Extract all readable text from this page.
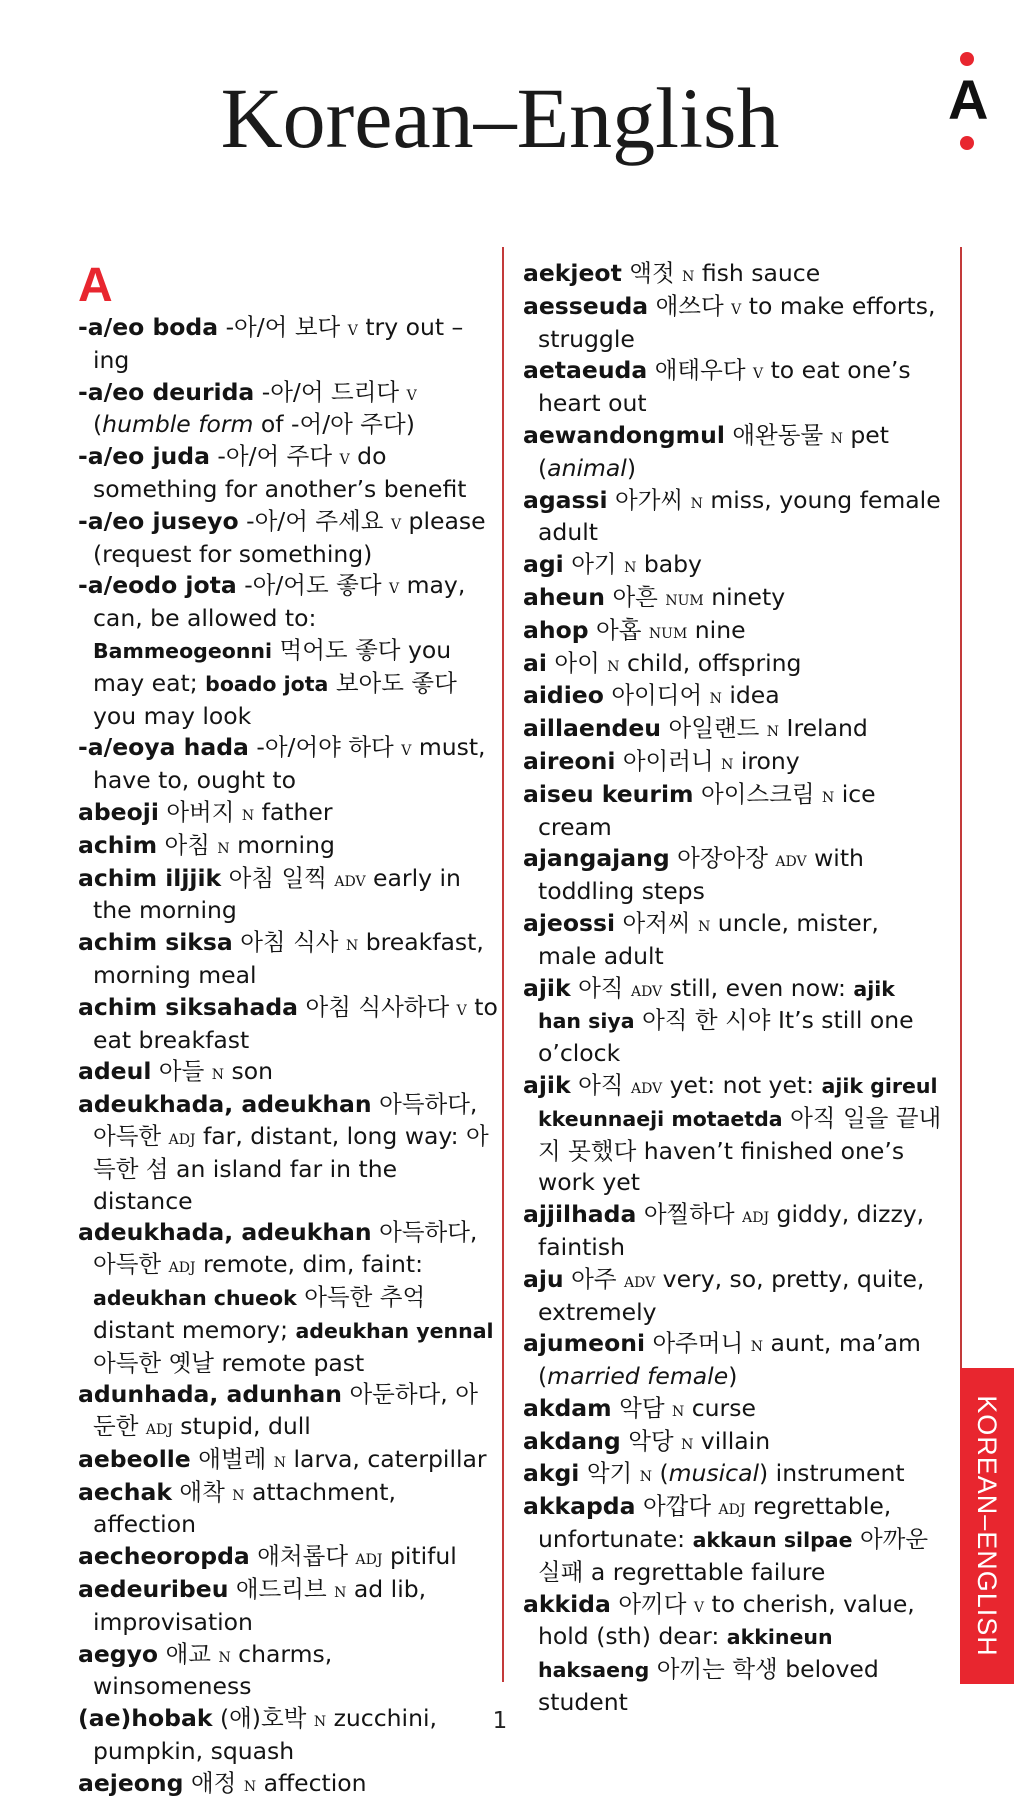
Korean–English	A
KOREAN–ENGLISH
A
-a/eo boda -아/어 보다 v try out –ing
-a/eo deurida -아/어 드리다 v (humble form of -어/아 주다)
-a/eo juda -아/어 주다 v do something for another’s benefit
-a/eo juseyo -아/어 주세요 v please (request for something)
-a/eodo jota -아/어도 좋다 v may, can, be allowed to: Bammeogeonni 먹어도 좋다 you may eat; boado jota 보아도 좋다 you may look
-a/eoya hada -아/어야 하다 v must, have to, ought to
abeoji 아버지 n father
achim 아침 n morning
achim iljjik 아침 일찍 adv early in the morning
achim siksa 아침 식사 n breakfast, morning meal
achim siksahada 아침 식사하다 v to eat breakfast
adeul 아들 n son
adeukhada, adeukhan 아득하다, 아득한 adj far, distant, long way: 아득한 섬 an island far in the distance
adeukhada, adeukhan 아득하다, 아득한 adj remote, dim, faint: adeukhan chueok 아득한 추억 distant memory; adeukhan yennal 아득한 옛날 remote past
adunhada, adunhan 아둔하다, 아둔한 adj stupid, dull
aebeolle 애벌레 n larva, caterpillar
aechak 애착 n attachment, affection
aecheoropda 애처롭다 adj pitiful
aedeuribeu 애드리브 n ad lib, improvisation
aegyo 애교 n charms, winsomeness
(ae)hobak (애)호박 n zucchini, pumpkin, squash
aejeong 애정 n affection
aekjeot 액젓 n fish sauce
aesseuda 애쓰다 v to make efforts, struggle
aetaeuda 애태우다 v to eat one’s heart out
aewandongmul 애완동물 n pet (animal)
agassi 아가씨 n miss, young female adult
agi 아기 n baby
aheun 아흔 num ninety
ahop 아홉 num nine
ai 아이 n child, offspring
aidieo 아이디어 n idea
aillaendeu 아일랜드 n Ireland
aireoni 아이러니 n irony
aiseu keurim 아이스크림 n ice cream
ajangajang 아장아장 adv with toddling steps
ajeossi 아저씨 n uncle, mister, male adult
ajik 아직 adv still, even now: ajik han siya 아직 한 시야 It’s still one o’clock
ajik 아직 adv yet: not yet: ajik gireul kkeunnaeji motaetda 아직 일을 끝내지 못했다 haven’t finished one’s work yet
ajjilhada 아찔하다 adj giddy, dizzy, faintish
aju 아주 adv very, so, pretty, quite, extremely
ajumeoni 아주머니 n aunt, ma’am (married female)
akdam 악담 n curse
akdang 악당 n villain
akgi 악기 n (musical) instrument
akkapda 아깝다 adj regrettable, unfortunate: akkaun silpae 아까운 실패 a regrettable failure
akkida 아끼다 v to cherish, value, hold (sth) dear: akkineun haksaeng 아끼는 학생 beloved student
1
